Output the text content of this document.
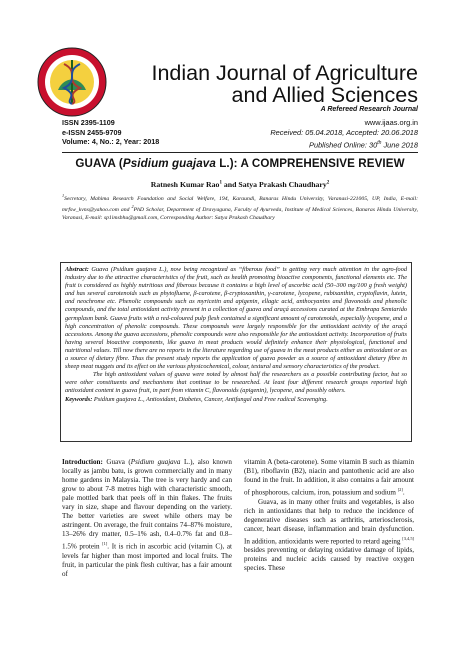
Indian Journal of Agriculture
and Allied Sciences
A Refereed Research Journal
ISSN 2395-1109
e-ISSN 2455-9709
Volume: 4, No.: 2, Year: 2018
www.ijaas.org.in
Received: 05.04.2018, Accepted: 20.06.2018
Published Online: 30th June 2018
GUAVA (Psidium guajava L.): A COMPREHENSIVE REVIEW
Ratnesh Kumar Rao$^1$ and Satya Prakash Chaudhary$^2$
$^1$Secretary, Mahima Research Foundation and Social Welfare, 194, Karaundi, Banaras Hindu University, Varanasi-221005, UP, India, E-mail: mrfsw_kvns@yahoo.com and $^2$PhD Scholar, Department of Dravyaguna, Faculty of Ayurveda, Institute of Medical Sciences, Banaras Hindu University, Varanasi, E-mail: sp1imsbhu@gmail.com, Corresponding Author: Satya Prakash Chaudhary

Abstract: Guava (Psidium guajava L.), now being recognized as “fiberous food” is getting very much attention in the agro-food industry due to the attractive characteristics of the fruit, such as health promoting bioactive components, functional elements etc. The fruit is considered as highly nutritious and fiberous because it contains a high level of ascorbic acid (50–300 mg/100 g fresh weight) and has several carotenoids such as phytofluene, β-carotene, β-cryptoxanthin, γ-carotene, lycopene, rubixanthin, cryptoflavin, lutein, and neochrome etc. Phenolic compounds such as myricetin and apigenin, ellagic acid, anthocyanins and flavonoids and phenolic compounds, and the total antioxidant activity present in a collection of guava and araçá accessions curated at the Embrapa Semiarido germplasm bank. Guava fruits with a red-coloured pulp flesh contained a significant amount of carotenoids, especially lycopene, and a high concentration of phenolic compounds. These compounds were largely responsible for the antioxidant activity of the araçá accessions. Among the guava accessions, phenolic compounds were also responsible for the antioxidant activity. Incorporation of fruits having several bioactive components, like guava in meat products would definitely enhance their physiological, functional and nutritional values. Till now there are no reports in the literature regarding use of guava in the meat products either as antioxidant or as a source of dietary fibre. Thus the present study reports the application of guava powder as a source of antioxidant dietary fibre in sheep meat nuggets and its effect on the various physicochemical, colour, textural and sensory characteristics of the product.

The high antioxidant values of guava were noted by almost half the researchers as a possible contributing factor, but so were other constituents and mechanisms that continue to be researched. At least four different research groups reported high antioxidant content in guava fruit, in part from vitamin C, flavonoids (apigenin), lycopene, and possibly others.

Keywords: Psidium guajava L., Antioxidant, Diabetes, Cancer, Antifungal and Free radical Scavenging.

Introduction: Guava (Psidium guajava L.), also known locally as jambu batu, is grown commercially and in many home gardens in Malaysia. The tree is very hardy and can grow to about 7-8 metres high with characteristic smooth, pale mottled bark that peels off in thin flakes. The fruits vary in size, shape and flavour depending on the variety. The better varieties are sweet while others may be astringent. On average, the fruit contains 74–87% moisture, 13–26% dry matter, 0.5–1% ash, 0.4–0.7% fat and 0.8–1.5% protein [1]. It is rich in ascorbic acid (vitamin C), at levels far higher than most imported and local fruits. The fruit, in particular the pink flesh cultivar, has a fair amount of

vitamin A (beta-carotene). Some vitamin B such as thiamin (B1), riboflavin (B2), niacin and pantothenic acid are also found in the fruit. In addition, it also contains a fair amount of phosphorous, calcium, iron, potassium and sodium [2].

Guava, as in many other fruits and vegetables, is also rich in antioxidants that help to reduce the incidence of degenerative diseases such as arthritis, arteriosclerosis, cancer, heart disease, inflammation and brain dysfunction. In addition, antioxidants were reported to retard ageing [3,4,5] besides preventing or delaying oxidative damage of lipids, proteins and nucleic acids caused by reactive oxygen species. These
